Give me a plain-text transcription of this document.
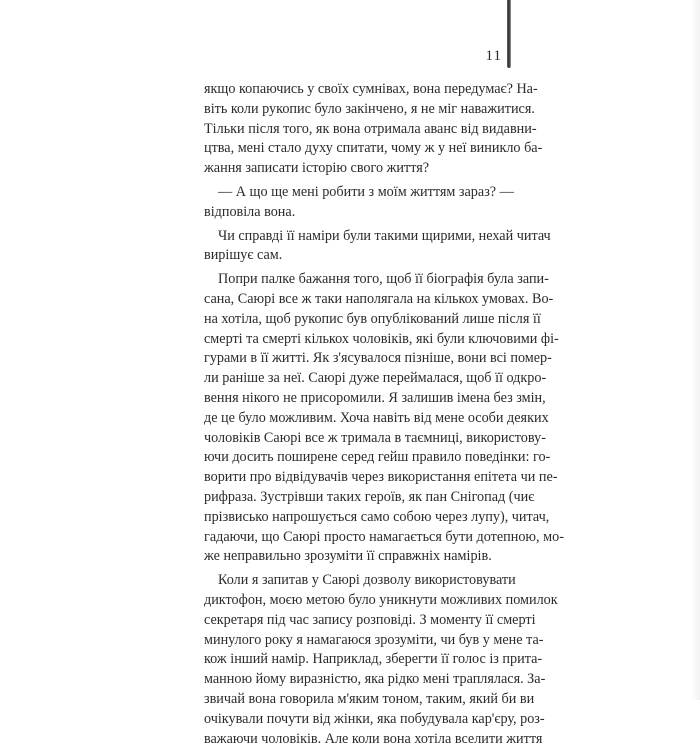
11
якщо копаючись у своїх сумнівах, вона передумає? На-
віть коли рукопис було закінчено, я не міг наважитися.
Тільки після того, як вона отримала аванс від видавни-
цтва, мені стало духу спитати, чому ж у неї виникло ба-
жання записати історію свого життя?
— А що ще мені робити з моїм життям зараз? —
відповіла вона.
Чи справді її наміри були такими щирими, нехай читач
вирішує сам.
Попри палке бажання того, щоб її біографія була запи-
сана, Саюрі все ж таки наполягала на кількох умовах. Во-
на хотіла, щоб рукопис був опублікований лише після її
смерті та смерті кількох чоловіків, які були ключовими фі-
гурами в її житті. Як з'ясувалося пізніше, вони всі помер-
ли раніше за неї. Саюрі дуже переймалася, щоб її одкро-
вення нікого не присоромили. Я залишив імена без змін,
де це було можливим. Хоча навіть від мене особи деяких
чоловіків Саюрі все ж тримала в таємниці, використову-
ючи досить поширене серед гейш правило поведінки: го-
ворити про відвідувачів через використання епітета чи пе-
рифраза. Зустрівши таких героїв, як пан Снігопад (чиє
прізвисько напрошується само собою через лупу), читач,
гадаючи, що Саюрі просто намагається бути дотепною, мо-
же неправильно зрозуміти її справжніх намірів.
Коли я запитав у Саюрі дозволу використовувати
диктофон, моєю метою було уникнути можливих помилок
секретаря під час запису розповіді. З моменту її смерті
минулого року я намагаюся зрозуміти, чи був у мене та-
кож інший намір. Наприклад, зберегти її голос із прита-
манною йому виразністю, яка рідко мені траплялася. За-
звичай вона говорила м'яким тоном, таким, який би ви
очікували почути від жінки, яка побудувала кар'єру, роз-
важаючи чоловіків. Але коли вона хотіла вселити життя
